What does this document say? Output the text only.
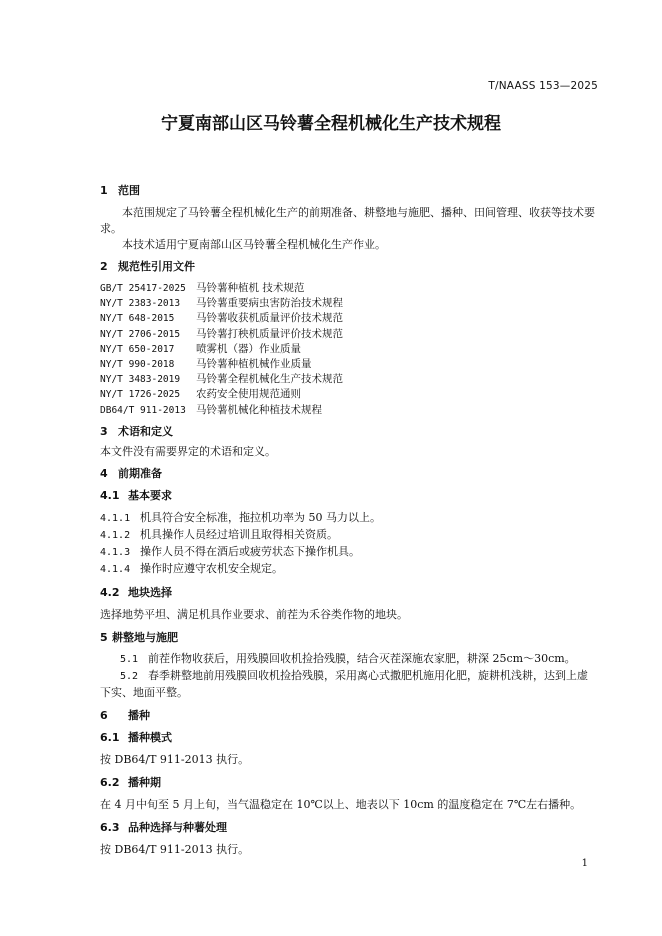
T/NAASS 153—2025
宁夏南部山区马铃薯全程机械化生产技术规程
1 范围

本范围规定了马铃薯全程机械化生产的前期准备、耕整地与施肥、播种、田间管理、收获等技术要求。

本技术适用宁夏南部山区马铃薯全程机械化生产作业。

2 规范性引用文件

GB/T 25417-2025 马铃薯种植机 技术规范

NY/T 2383-2013 马铃薯重要病虫害防治技术规程

NY/T 648-2015 马铃薯收获机质量评价技术规范

NY/T 2706-2015 马铃薯打秧机质量评价技术规范

NY/T 650-2017 喷雾机（器）作业质量

NY/T 990-2018 马铃薯种植机械作业质量

NY/T 3483-2019 马铃薯全程机械化生产技术规范

NY/T 1726-2025 农药安全使用规范通则

DB64/T 911-2013 马铃薯机械化种植技术规程

3 术语和定义

本文件没有需要界定的术语和定义。

4 前期准备
4.1 基本要求

4.1.1 机具符合安全标准，拖拉机功率为 50 马力以上。

4.1.2 机具操作人员经过培训且取得相关资质。

4.1.3 操作人员不得在酒后或疲劳状态下操作机具。

4.1.4 操作时应遵守农机安全规定。

4.2 地块选择

选择地势平坦、满足机具作业要求、前茬为禾谷类作物的地块。

5 耕整地与施肥

5.1 前茬作物收获后，用残膜回收机捡拾残膜，结合灭茬深施农家肥，耕深 25cm～30cm。

5.2 春季耕整地前用残膜回收机捡拾残膜，采用离心式撒肥机施用化肥，旋耕机浅耕，达到上虚下实、地面平整。

6 播种
6.1 播种模式

按 DB64/T 911-2013 执行。

6.2 播种期

在 4 月中旬至 5 月上旬，当气温稳定在 10℃以上、地表以下 10cm 的温度稳定在 7℃左右播种。

6.3 品种选择与种薯处理

按 DB64/T 911-2013 执行。

1
